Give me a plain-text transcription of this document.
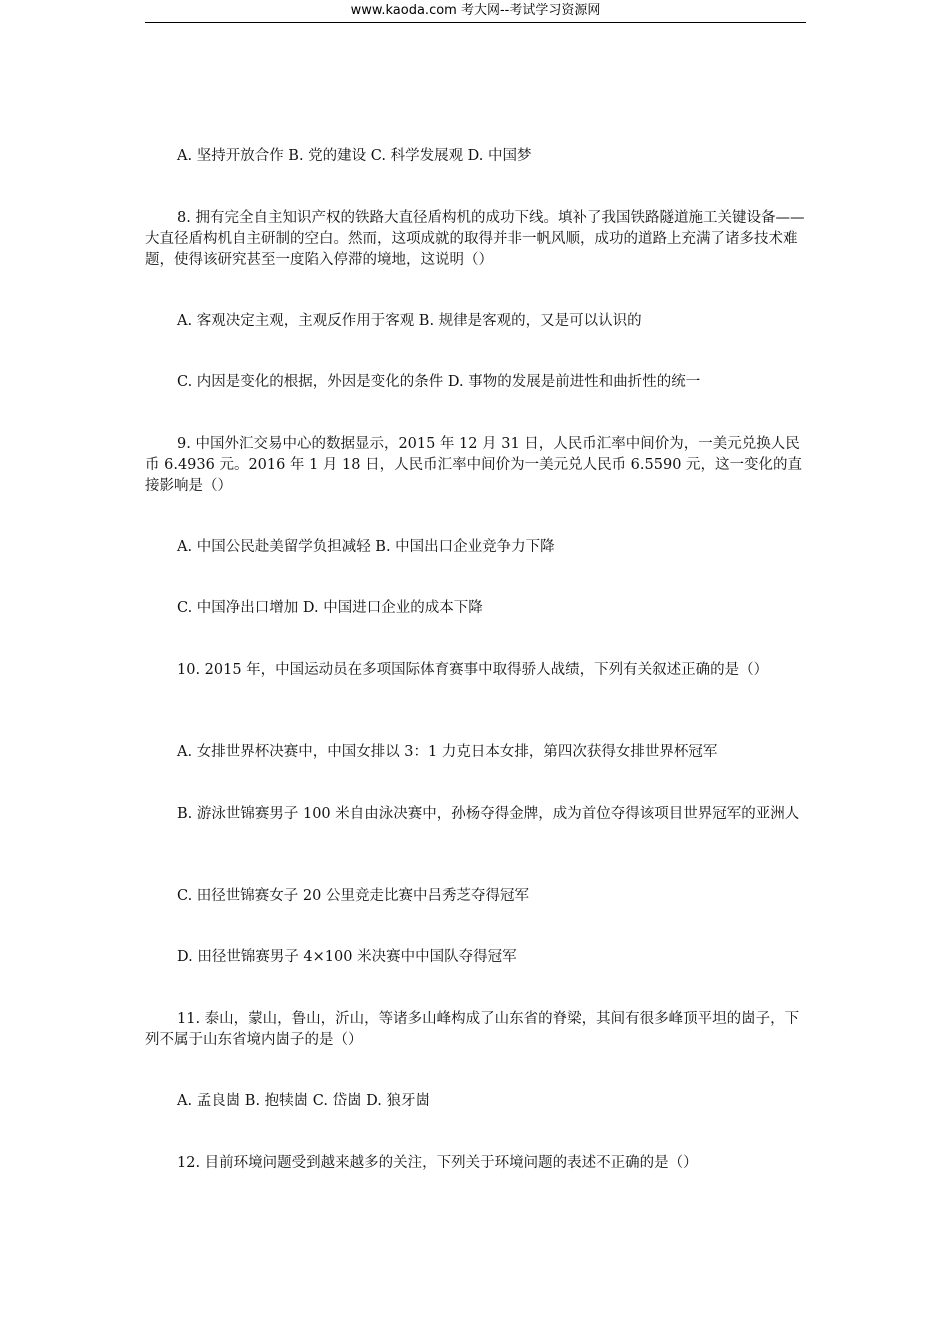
www.kaoda.com 考大网--考试学习资源网

A. 坚持开放合作 B. 党的建设 C. 科学发展观 D. 中国梦

8. 拥有完全自主知识产权的铁路大直径盾构机的成功下线。填补了我国铁路隧道施工关键设备——大直径盾构机自主研制的空白。然而，这项成就的取得并非一帆风顺，成功的道路上充满了诸多技术难题，使得该研究甚至一度陷入停滞的境地，这说明（）

A. 客观决定主观，主观反作用于客观 B. 规律是客观的，又是可以认识的

C. 内因是变化的根据，外因是变化的条件 D. 事物的发展是前进性和曲折性的统一

9. 中国外汇交易中心的数据显示，2015 年 12 月 31 日，人民币汇率中间价为，一美元兑换人民币 6.4936 元。2016 年 1 月 18 日，人民币汇率中间价为一美元兑人民币 6.5590 元，这一变化的直接影响是（）

A. 中国公民赴美留学负担减轻 B. 中国出口企业竞争力下降

C. 中国净出口增加 D. 中国进口企业的成本下降

10. 2015 年，中国运动员在多项国际体育赛事中取得骄人战绩，下列有关叙述正确的是（）

A. 女排世界杯决赛中，中国女排以 3：1 力克日本女排，第四次获得女排世界杯冠军

B. 游泳世锦赛男子 100 米自由泳决赛中，孙杨夺得金牌，成为首位夺得该项目世界冠军的亚洲人

C. 田径世锦赛女子 20 公里竞走比赛中吕秀芝夺得冠军

D. 田径世锦赛男子 4×100 米决赛中中国队夺得冠军

11. 泰山，蒙山，鲁山，沂山，等诸多山峰构成了山东省的脊梁，其间有很多峰顶平坦的崮子，下列不属于山东省境内崮子的是（）

A. 孟良崮 B. 抱犊崮 C. 岱崮 D. 狼牙崮

12. 目前环境问题受到越来越多的关注，下列关于环境问题的表述不正确的是（）
